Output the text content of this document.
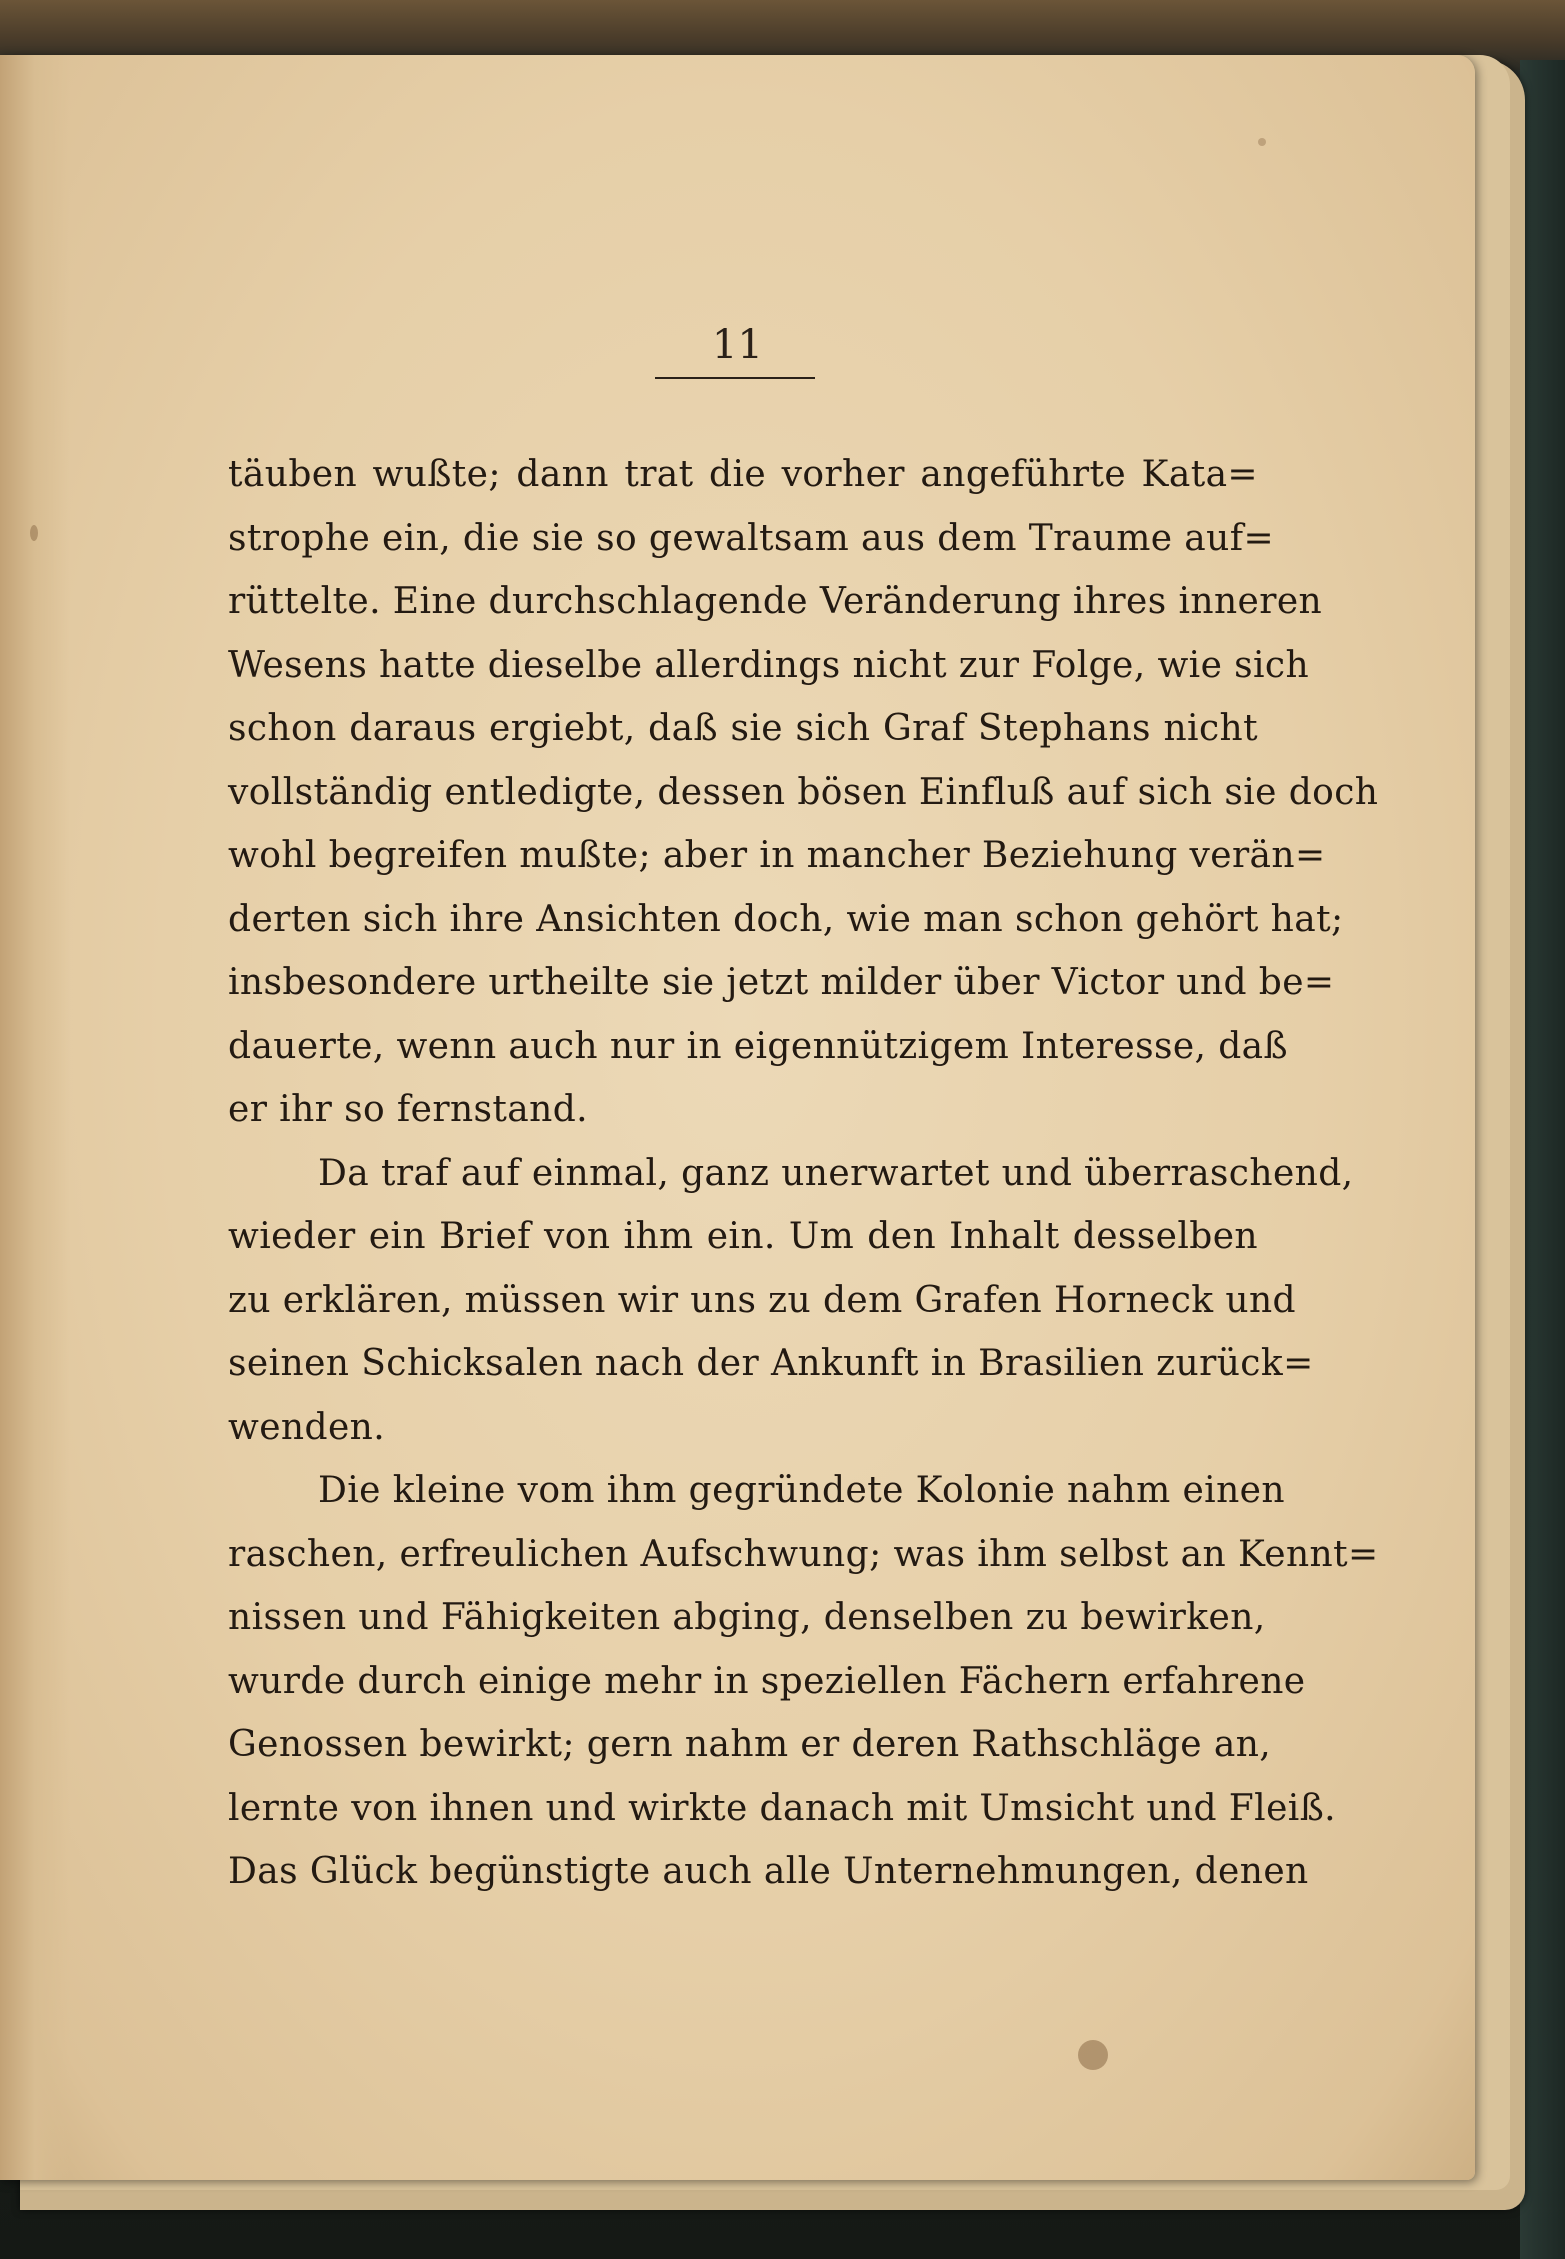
11
täuben wußte; dann trat die vorher angeführte Kata=
strophe ein, die sie so gewaltsam aus dem Traume auf=
rüttelte. Eine durchschlagende Veränderung ihres inneren
Wesens hatte dieselbe allerdings nicht zur Folge, wie sich
schon daraus ergiebt, daß sie sich Graf Stephans nicht
vollständig entledigte, dessen bösen Einfluß auf sich sie doch
wohl begreifen mußte; aber in mancher Beziehung verän=
derten sich ihre Ansichten doch, wie man schon gehört hat;
insbesondere urtheilte sie jetzt milder über Victor und be=
dauerte, wenn auch nur in eigennützigem Interesse, daß
er ihr so fernstand.
Da traf auf einmal, ganz unerwartet und überraschend,
wieder ein Brief von ihm ein. Um den Inhalt desselben
zu erklären, müssen wir uns zu dem Grafen Horneck und
seinen Schicksalen nach der Ankunft in Brasilien zurück=
wenden.
Die kleine vom ihm gegründete Kolonie nahm einen
raschen, erfreulichen Aufschwung; was ihm selbst an Kennt=
nissen und Fähigkeiten abging, denselben zu bewirken,
wurde durch einige mehr in speziellen Fächern erfahrene
Genossen bewirkt; gern nahm er deren Rathschläge an,
lernte von ihnen und wirkte danach mit Umsicht und Fleiß.
Das Glück begünstigte auch alle Unternehmungen, denen
